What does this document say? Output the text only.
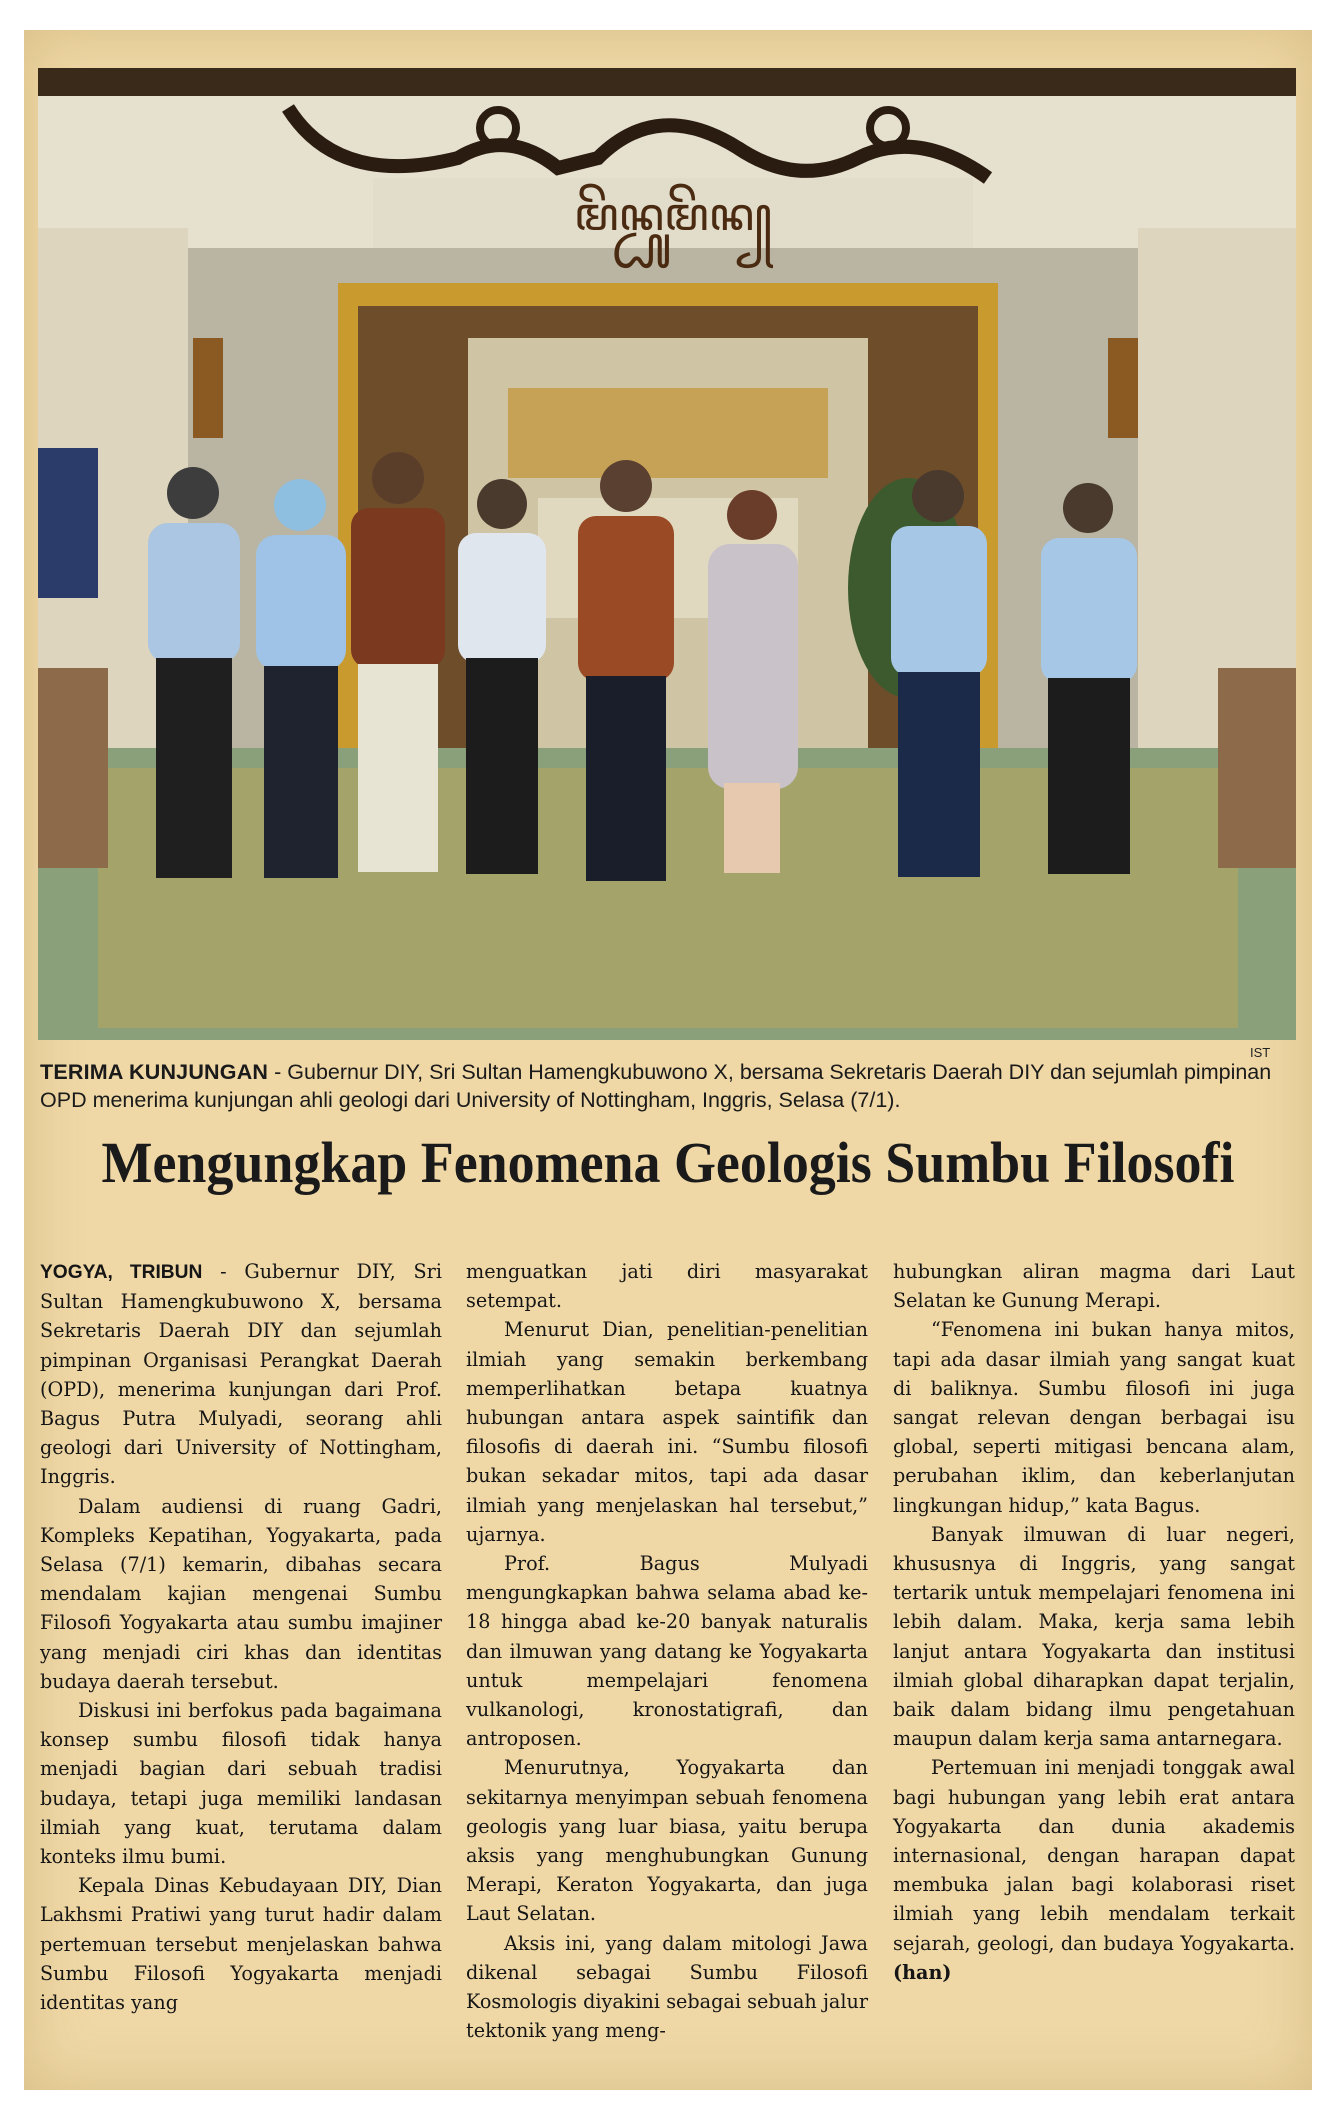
ꦩꦼꦤ꧀ꦝꦸꦩꦼꦤ꧀
IST

TERIMA KUNJUNGAN - Gubernur DIY, Sri Sultan Hamengkubuwono X, bersama Sekretaris Daerah DIY dan sejumlah pimpinan OPD menerima kunjungan ahli geologi dari University of Nottingham, Inggris, Selasa (7/1).

Mengungkap Fenomena Geologis Sumbu Filosofi

YOGYA, TRIBUN - Gubernur DIY, Sri Sultan Hamengkubuwono X, bersama Sekretaris Daerah DIY dan sejumlah pimpinan Organisasi Perangkat Daerah (OPD), menerima kunjungan dari Prof. Bagus Putra Mulyadi, seorang ahli geologi dari University of Nottingham, Inggris.

Dalam audiensi di ruang Gadri, Kompleks Kepatihan, Yogyakarta, pada Selasa (7/1) kemarin, dibahas secara mendalam kajian mengenai Sumbu Filosofi Yogyakarta atau sumbu imajiner yang menjadi ciri khas dan identitas budaya daerah tersebut.

Diskusi ini berfokus pada bagaimana konsep sumbu filosofi tidak hanya menjadi bagian dari sebuah tradisi budaya, tetapi juga memiliki landasan ilmiah yang kuat, terutama dalam konteks ilmu bumi.

Kepala Dinas Kebudayaan DIY, Dian Lakhsmi Pratiwi yang turut hadir dalam pertemuan tersebut menjelaskan bahwa Sumbu Filosofi Yogyakarta menjadi identitas yang

menguatkan jati diri masyarakat setempat.

Menurut Dian, penelitian-penelitian ilmiah yang semakin berkembang memperlihatkan betapa kuatnya hubungan antara aspek saintifik dan filosofis di daerah ini. “Sumbu filosofi bukan sekadar mitos, tapi ada dasar ilmiah yang menjelaskan hal tersebut,” ujarnya.

Prof. Bagus Mulyadi mengungkapkan bahwa selama abad ke-18 hingga abad ke-20 banyak naturalis dan ilmuwan yang datang ke Yogyakarta untuk mempelajari fenomena vulkanologi, kronostatigrafi, dan antroposen.

Menurutnya, Yogyakarta dan sekitarnya menyimpan sebuah fenomena geologis yang luar biasa, yaitu berupa aksis yang menghubungkan Gunung Merapi, Keraton Yogyakarta, dan juga Laut Selatan.

Aksis ini, yang dalam mitologi Jawa dikenal sebagai Sumbu Filosofi Kosmologis diyakini sebagai sebuah jalur tektonik yang meng-

hubungkan aliran magma dari Laut Selatan ke Gunung Merapi.

“Fenomena ini bukan hanya mitos, tapi ada dasar ilmiah yang sangat kuat di baliknya. Sumbu filosofi ini juga sangat relevan dengan berbagai isu global, seperti mitigasi bencana alam, perubahan iklim, dan keberlanjutan lingkungan hidup,” kata Bagus.

Banyak ilmuwan di luar negeri, khususnya di Inggris, yang sangat tertarik untuk mempelajari fenomena ini lebih dalam. Maka, kerja sama lebih lanjut antara Yogyakarta dan institusi ilmiah global diharapkan dapat terjalin, baik dalam bidang ilmu pengetahuan maupun dalam kerja sama antarnegara.

Pertemuan ini menjadi tonggak awal bagi hubungan yang lebih erat antara Yogyakarta dan dunia akademis internasional, dengan harapan dapat membuka jalan bagi kolaborasi riset ilmiah yang lebih mendalam terkait sejarah, geologi, dan budaya Yogyakarta. (han)
